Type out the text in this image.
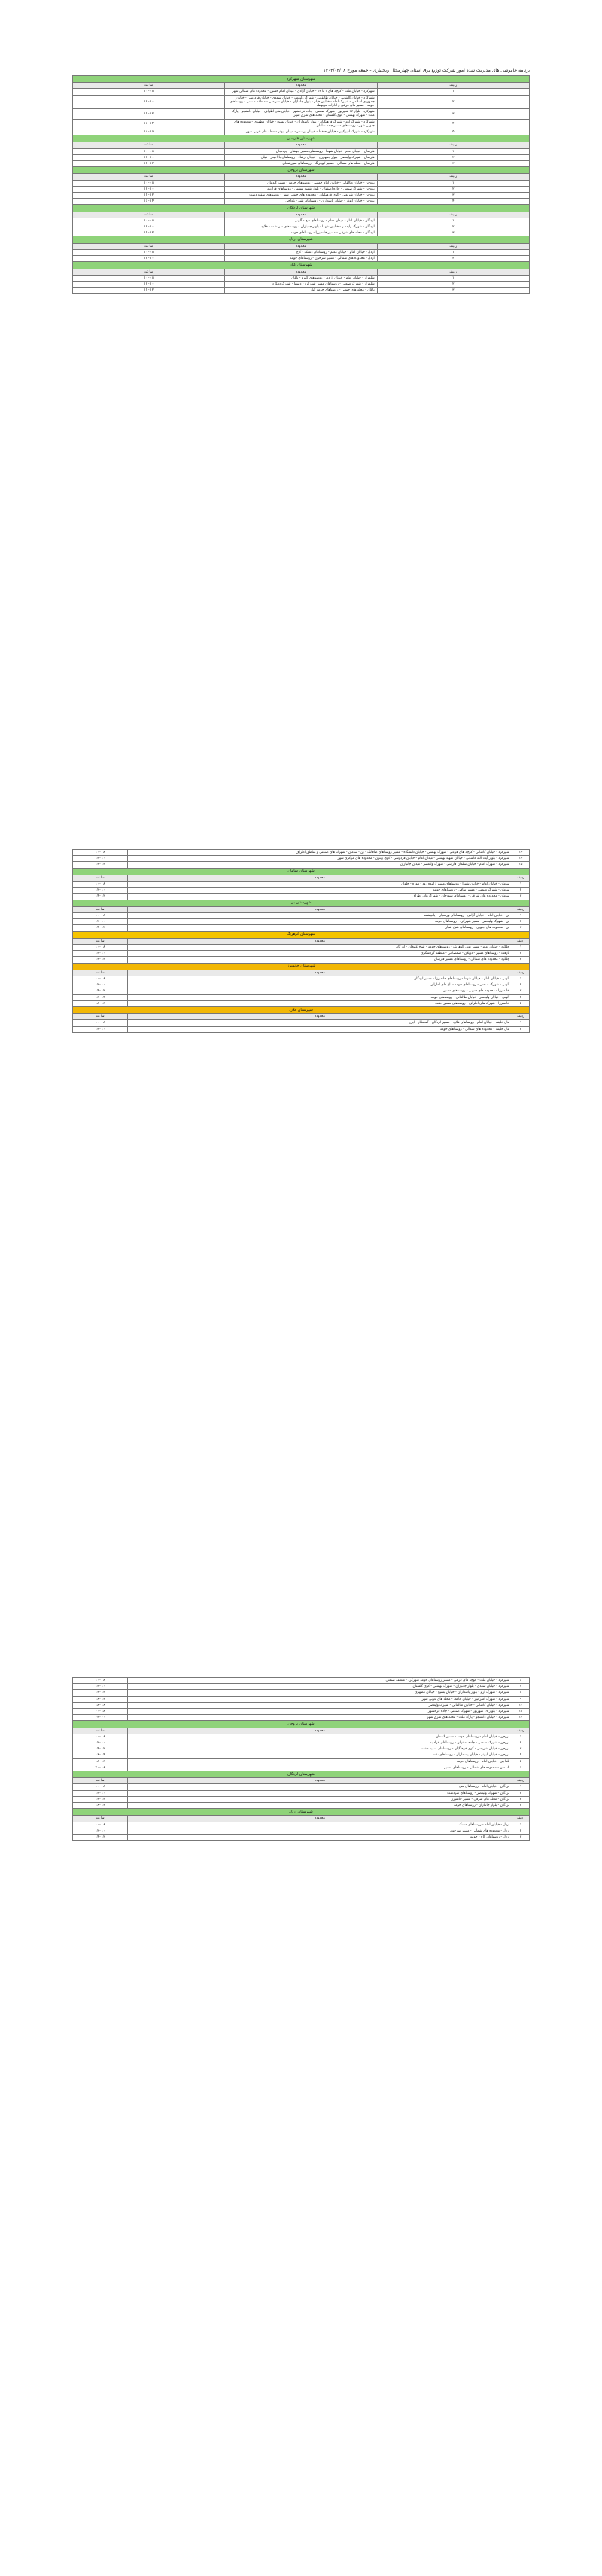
برنامه خاموشی های مدیریت شده امور شرکت توزیع برق استان چهارمحال وبختیاری - جمعه مورخ ۱۴۰۳/۰۴/۰۸
شهرستان شهرکرد		
ردیف	محدوده	ساعت
۱	شهرکرد - خیابان ملت - کوچه های ۱ تا ۱۲ - خیابان آزادی - میدان امام حسین - محدوده های شمالی شهر	۱۰-۰۸
۲	شهرکرد - خیابان کاشانی - خیابان طالقانی - شهرک ولیعصر - خیابان سعدی - خیابان فردوسی - خیابان جمهوری اسلامی - شهرک امام - خیابان خیام - بلوار جانبازان - خیابان شریعتی - منطقه صنعتی - روستاهای حومه - مسیر های فرعی و ادارات مربوطه	۱۲-۱۰
۳	شهرکرد - بلوار ۱۷ شهریور - شهرک صنعتی - جاده فرخشهر - خیابان های اطراف - خیابان دانشجو - پارک ملت - شهرک بهشتی - کوی گلستان - محله های شرق شهر	۱۴-۱۲
۴	شهرکرد - شهرک ارم - شهرک فرهنگیان - بلوار پاسداران - خیابان بسیج - خیابان مطهری - محدوده های جنوبی شهر - روستاهای مسیر جاده سامان	۱۶-۱۴
۵	شهرکرد - شهرک امیرکبیر - خیابان حافظ - خیابان پرستار - میدان ابوذر - محله های غربی شهر	۱۸-۱۶
شهرستان فارسان		
ردیف	محدوده	ساعت
۱	فارسان - خیابان امام - خیابان شهدا - روستاهای مسیر جونقان - پردنجان	۱۰-۰۸
۲	فارسان - شهرک ولیعصر - بلوار جمهوری - خیابان ارشاد - روستاهای باباحیدر - فیلی	۱۲-۱۰
۳	فارسان - محله های شمالی - مسیر کوهرنگ - روستاهای سورشجان	۱۴-۱۲
شهرستان بروجن		
ردیف	محدوده	ساعت
۱	بروجن - خیابان طالقانی - خیابان امام خمینی - روستاهای حومه - مسیر گندمان	۱۰-۰۸
۲	بروجن - شهرک صنعتی - جاده اصفهان - بلوار شهید بهشتی - روستاهای فرادنبه	۱۲-۱۰
۳	بروجن - خیابان شریعتی - کوی فرهنگیان - محدوده های جنوبی شهر - روستاهای سفید دشت	۱۴-۱۲
۴	بروجن - خیابان ابوذر - خیابان پاسداران - روستاهای نقنه - بلداجی	۱۶-۱۴
شهرستان لردگان		
ردیف	محدوده	ساعت
۱	لردگان - خیابان امام - میدان معلم - روستاهای منج - آلونی	۱۰-۰۸
۲	لردگان - شهرک ولیعصر - خیابان شهدا - بلوار جانبازان - روستاهای سردشت - فلارد	۱۲-۱۰
۳	لردگان - محله های شرقی - مسیر خانمیرزا - روستاهای حومه	۱۴-۱۲
شهرستان اردل		
ردیف	محدوده	ساعت
۱	اردل - خیابان امام - خیابان معلم - روستاهای دشتک - کاج	۱۰-۰۸
۲	اردل - محدوده های شمالی - مسیر سرخون - روستاهای حومه	۱۲-۱۰
شهرستان کیار		
ردیف	محدوده	ساعت
۱	شلمزار - خیابان امام - خیابان آزادی - روستاهای گهرو - ناغان	۱۰-۰۸
۲	شلمزار - شهرک صنعتی - روستاهای مسیر شهرکرد - دستنا - شهرک دهکرد	۱۲-۱۰
۳	ناغان - محله های جنوبی - روستاهای حومه کیار	۱۴-۱۲
۱۳	شهرکرد - خیابان کاشانی - کوچه های فرعی - شهرک بهشتی - خیابان دانشگاه - مسیر روستاهای طاقانک - بن - سامان - شهرک های صنعتی و مناطق اطراف	۱۰-۰۸
۱۴	شهرکرد - بلوار آیت الله کاشانی - خیابان شهید بهشتی - میدان امام - خیابان فردوسی - کوی زیتون - محدوده های مرکزی شهر	۱۲-۱۰
۱۵	شهرکرد - شهرک امام - خیابان سلمان فارسی - شهرک ولیعصر - میدان جانبازان	۱۴-۱۲
شهرستان سامان		
ردیف	محدوده	ساعت
۱	سامان - خیابان امام - خیابان شهدا - روستاهای مسیر زاینده رود - هوره - چلوان	۱۰-۰۸
۲	سامان - شهرک صنعتی - مسیر ساقی - روستاهای حومه	۱۲-۱۰
۳	سامان - محدوده های شرقی - روستاهای سودجان - شهرک های اطراف	۱۴-۱۲
شهرستان بن		
ردیف	محدوده	ساعت
۱	بن - خیابان امام - خیابان آزادی - روستاهای وردنجان - یانچشمه	۱۰-۰۸
۲	بن - شهرک ولیعصر - مسیر شهرکرد - روستاهای حومه	۱۲-۱۰
۳	بن - محدوده های جنوبی - روستاهای شیخ شبان	۱۴-۱۲
شهرستان کوهرنگ		
ردیف	محدوده	ساعت
۱	چلگرد - خیابان امام - مسیر تونل کوهرنگ - روستاهای حومه - شیخ علیخان - آورگان	۱۰-۰۸
۲	بازفت - روستاهای مسیر - دوپلان - صمصامی - منطقه گردشگری	۱۲-۱۰
۳	چلگرد - محدوده های شمالی - روستاهای مسیر فارسان	۱۴-۱۲
شهرستان خانمیرزا		
ردیف	محدوده	ساعت
۱	آلونی - خیابان امام - خیابان شهدا - روستاهای خانمیرزا - مسیر لردگان	۱۰-۰۸
۲	آلونی - شهرک صنعتی - روستاهای حومه - باغ های اطراف	۱۲-۱۰
۳	خانمیرزا - محدوده های جنوبی - روستاهای مسیر	۱۴-۱۲
۴	آلونی - خیابان ولیعصر - خیابان طالقانی - روستاهای حومه	۱۶-۱۴
۵	خانمیرزا - شهرک های اطراف - روستاهای مسیر دشت	۱۸-۱۶
شهرستان فلارد		
ردیف	محدوده	ساعت
۱	مال خلیفه - خیابان امام - روستاهای فلارد - مسیر لردگان - گندمکار - ایرج	۱۰-۰۸
۲	مال خلیفه - محدوده های شمالی - روستاهای حومه	۱۲-۱۰
۶	شهرکرد - خیابان ملت - کوچه های فرعی - مسیر روستاهای حومه شهرکرد - منطقه صنعتی	۱۰-۰۸
۷	شهرکرد - خیابان سعدی - بلوار جانبازان - شهرک بهشتی - کوی گلستان	۱۲-۱۰
۸	شهرکرد - شهرک ارم - بلوار پاسداران - خیابان بسیج - خیابان مطهری	۱۴-۱۲
۹	شهرکرد - شهرک امیرکبیر - خیابان حافظ - محله های غربی شهر	۱۶-۱۴
۱۰	شهرکرد - خیابان کاشانی - خیابان طالقانی - شهرک ولیعصر	۱۸-۱۶
۱۱	شهرکرد - بلوار ۱۷ شهریور - شهرک صنعتی - جاده فرخشهر	۲۰-۱۸
۱۲	شهرکرد - خیابان دانشجو - پارک ملت - محله های شرق شهر	۲۲-۲۰
شهرستان بروجن		
ردیف	محدوده	ساعت
۱	بروجن - خیابان امام - روستاهای حومه - مسیر گندمان	۱۰-۰۸
۲	بروجن - شهرک صنعتی - جاده اصفهان - روستاهای فرادنبه	۱۲-۱۰
۳	بروجن - خیابان شریعتی - کوی فرهنگیان - روستاهای سفید دشت	۱۴-۱۲
۴	بروجن - خیابان ابوذر - خیابان پاسداران - روستاهای نقنه	۱۶-۱۴
۵	بلداجی - خیابان امام - روستاهای حومه	۱۸-۱۶
۶	گندمان - محدوده های شمالی - روستاهای مسیر	۲۰-۱۸
شهرستان لردگان		
ردیف	محدوده	ساعت
۱	لردگان - خیابان امام - روستاهای منج	۱۰-۰۸
۲	لردگان - شهرک ولیعصر - روستاهای سردشت	۱۲-۱۰
۳	لردگان - محله های شرقی - مسیر خانمیرزا	۱۴-۱۲
۴	لردگان - بلوار جانبازان - روستاهای حومه	۱۶-۱۴
شهرستان اردل		
ردیف	محدوده	ساعت
۱	اردل - خیابان امام - روستاهای دشتک	۱۰-۰۸
۲	اردل - محدوده های شمالی - مسیر سرخون	۱۲-۱۰
۳	اردل - روستاهای کاج - حومه	۱۴-۱۲
